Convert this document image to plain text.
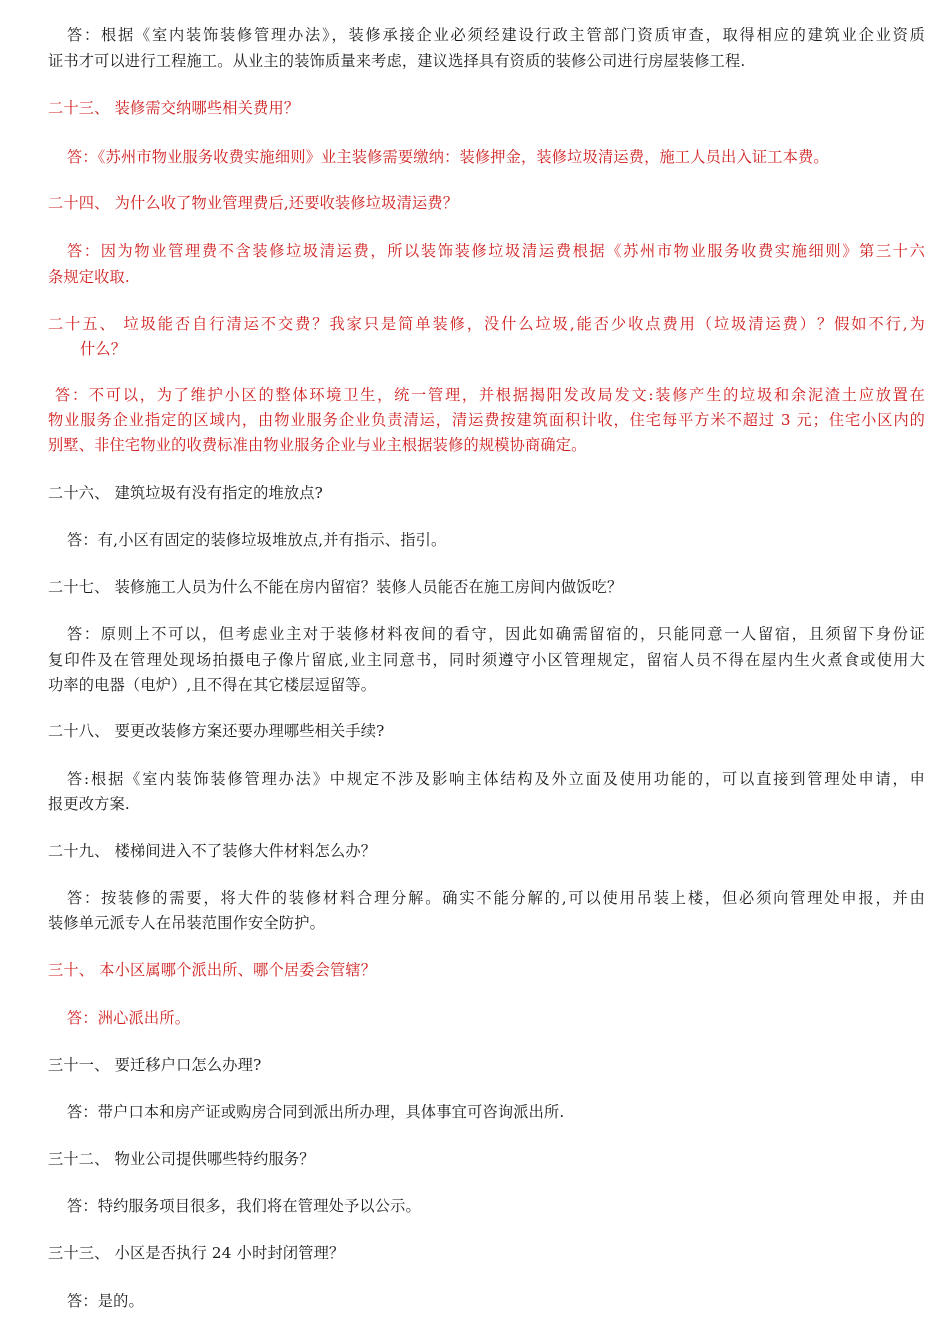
答：根据《室内装饰装修管理办法》，装修承接企业必须经建设行政主管部门资质审查，取得相应的建筑业企业资质
证书才可以进行工程施工。从业主的装饰质量来考虑，建议选择具有资质的装修公司进行房屋装修工程.
二十三、 装修需交纳哪些相关费用？
答：《苏州市物业服务收费实施细则》业主装修需要缴纳：装修押金，装修垃圾清运费，施工人员出入证工本费。
二十四、 为什么收了物业管理费后,还要收装修垃圾清运费？
答：因为物业管理费不含装修垃圾清运费，所以装饰装修垃圾清运费根据《苏州市物业服务收费实施细则》第三十六
条规定收取.
二十五、 垃圾能否自行清运不交费？我家只是简单装修，没什么垃圾,能否少收点费用（垃圾清运费）？假如不行,为
什么？
答：不可以，为了维护小区的整体环境卫生，统一管理，并根据揭阳发改局发文:装修产生的垃圾和余泥渣土应放置在
物业服务企业指定的区域内，由物业服务企业负责清运，清运费按建筑面积计收，住宅每平方米不超过 3 元；住宅小区内的
别墅、非住宅物业的收费标准由物业服务企业与业主根据装修的规模协商确定。
二十六、 建筑垃圾有没有指定的堆放点?
答：有,小区有固定的装修垃圾堆放点,并有指示、指引。
二十七、 装修施工人员为什么不能在房内留宿？装修人员能否在施工房间内做饭吃？
答：原则上不可以，但考虑业主对于装修材料夜间的看守，因此如确需留宿的，只能同意一人留宿，且须留下身份证
复印件及在管理处现场拍摄电子像片留底,业主同意书，同时须遵守小区管理规定，留宿人员不得在屋内生火煮食或使用大
功率的电器（电炉）,且不得在其它楼层逗留等。
二十八、 要更改装修方案还要办理哪些相关手续?
答:根据《室内装饰装修管理办法》中规定不涉及影响主体结构及外立面及使用功能的，可以直接到管理处申请，申
报更改方案.
二十九、 楼梯间进入不了装修大件材料怎么办？
答：按装修的需要，将大件的装修材料合理分解。确实不能分解的,可以使用吊装上楼，但必须向管理处申报，并由
装修单元派专人在吊装范围作安全防护。
三十、 本小区属哪个派出所、哪个居委会管辖？
答：洲心派出所。
三十一、 要迁移户口怎么办理?
答：带户口本和房产证或购房合同到派出所办理，具体事宜可咨询派出所.
三十二、 物业公司提供哪些特约服务？
答：特约服务项目很多，我们将在管理处予以公示。
三十三、 小区是否执行 24 小时封闭管理？
答：是的。
